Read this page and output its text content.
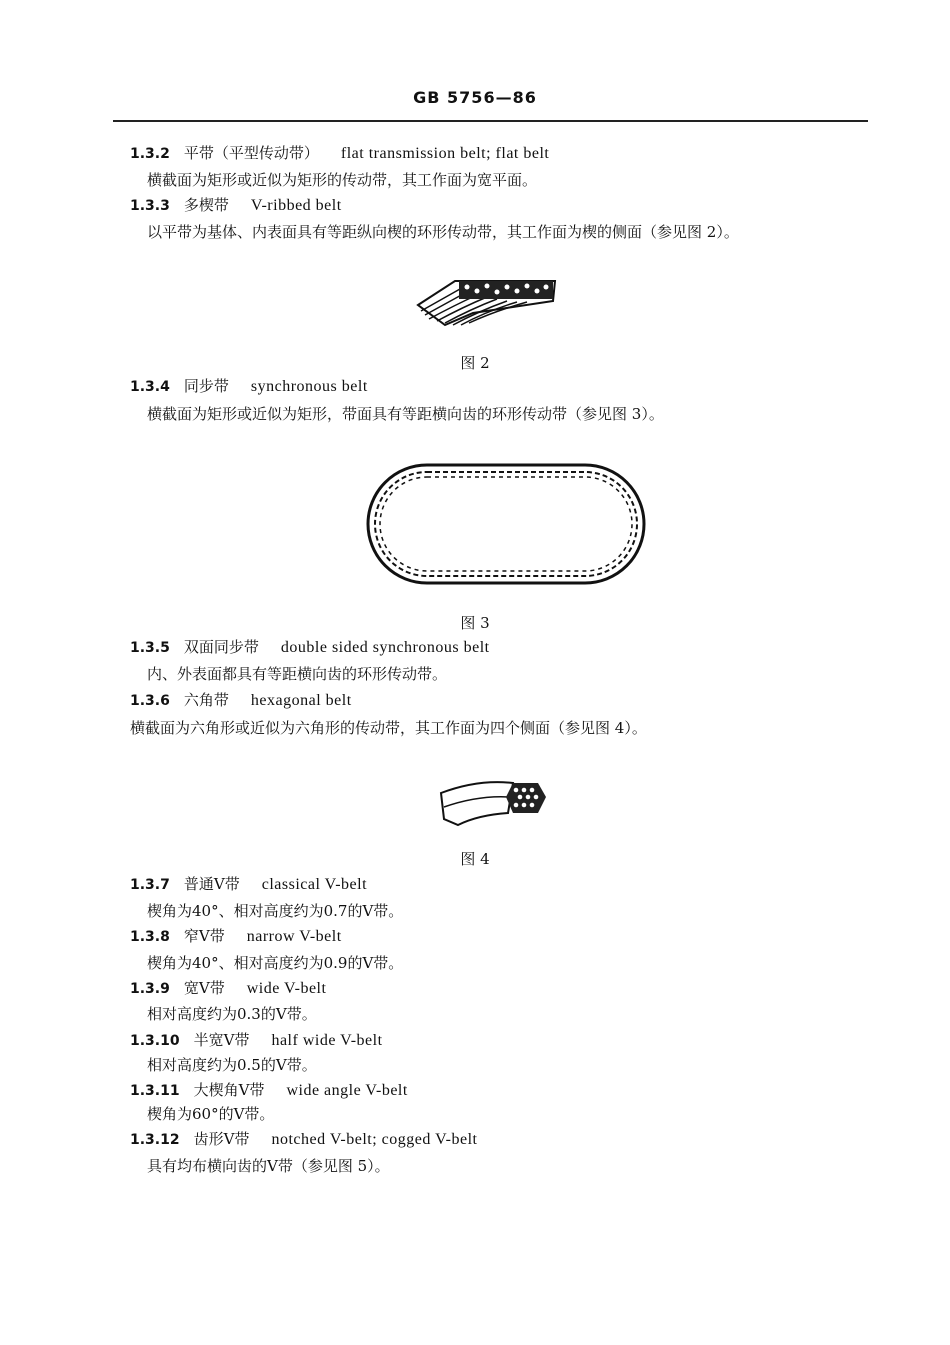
GB 5756—86
1.3.2 平带（平型传动带） flat transmission belt; flat belt
横截面为矩形或近似为矩形的传动带，其工作面为宽平面。
1.3.3 多楔带 V-ribbed belt
以平带为基体、内表面具有等距纵向楔的环形传动带，其工作面为楔的侧面（参见图 2）。
图 2
1.3.4 同步带 synchronous belt
横截面为矩形或近似为矩形，带面具有等距横向齿的环形传动带（参见图 3）。
图 3
1.3.5 双面同步带 double sided synchronous belt
内、外表面都具有等距横向齿的环形传动带。
1.3.6 六角带 hexagonal belt
横截面为六角形或近似为六角形的传动带，其工作面为四个侧面（参见图 4）。
图 4
1.3.7 普通V带 classical V-belt
楔角为40°、相对高度约为0.7的V带。
1.3.8 窄V带 narrow V-belt
楔角为40°、相对高度约为0.9的V带。
1.3.9 宽V带 wide V-belt
相对高度约为0.3的V带。
1.3.10 半宽V带 half wide V-belt
相对高度约为0.5的V带。
1.3.11 大楔角V带 wide angle V-belt
楔角为60°的V带。
1.3.12 齿形V带 notched V-belt; cogged V-belt
具有均布横向齿的V带（参见图 5）。
